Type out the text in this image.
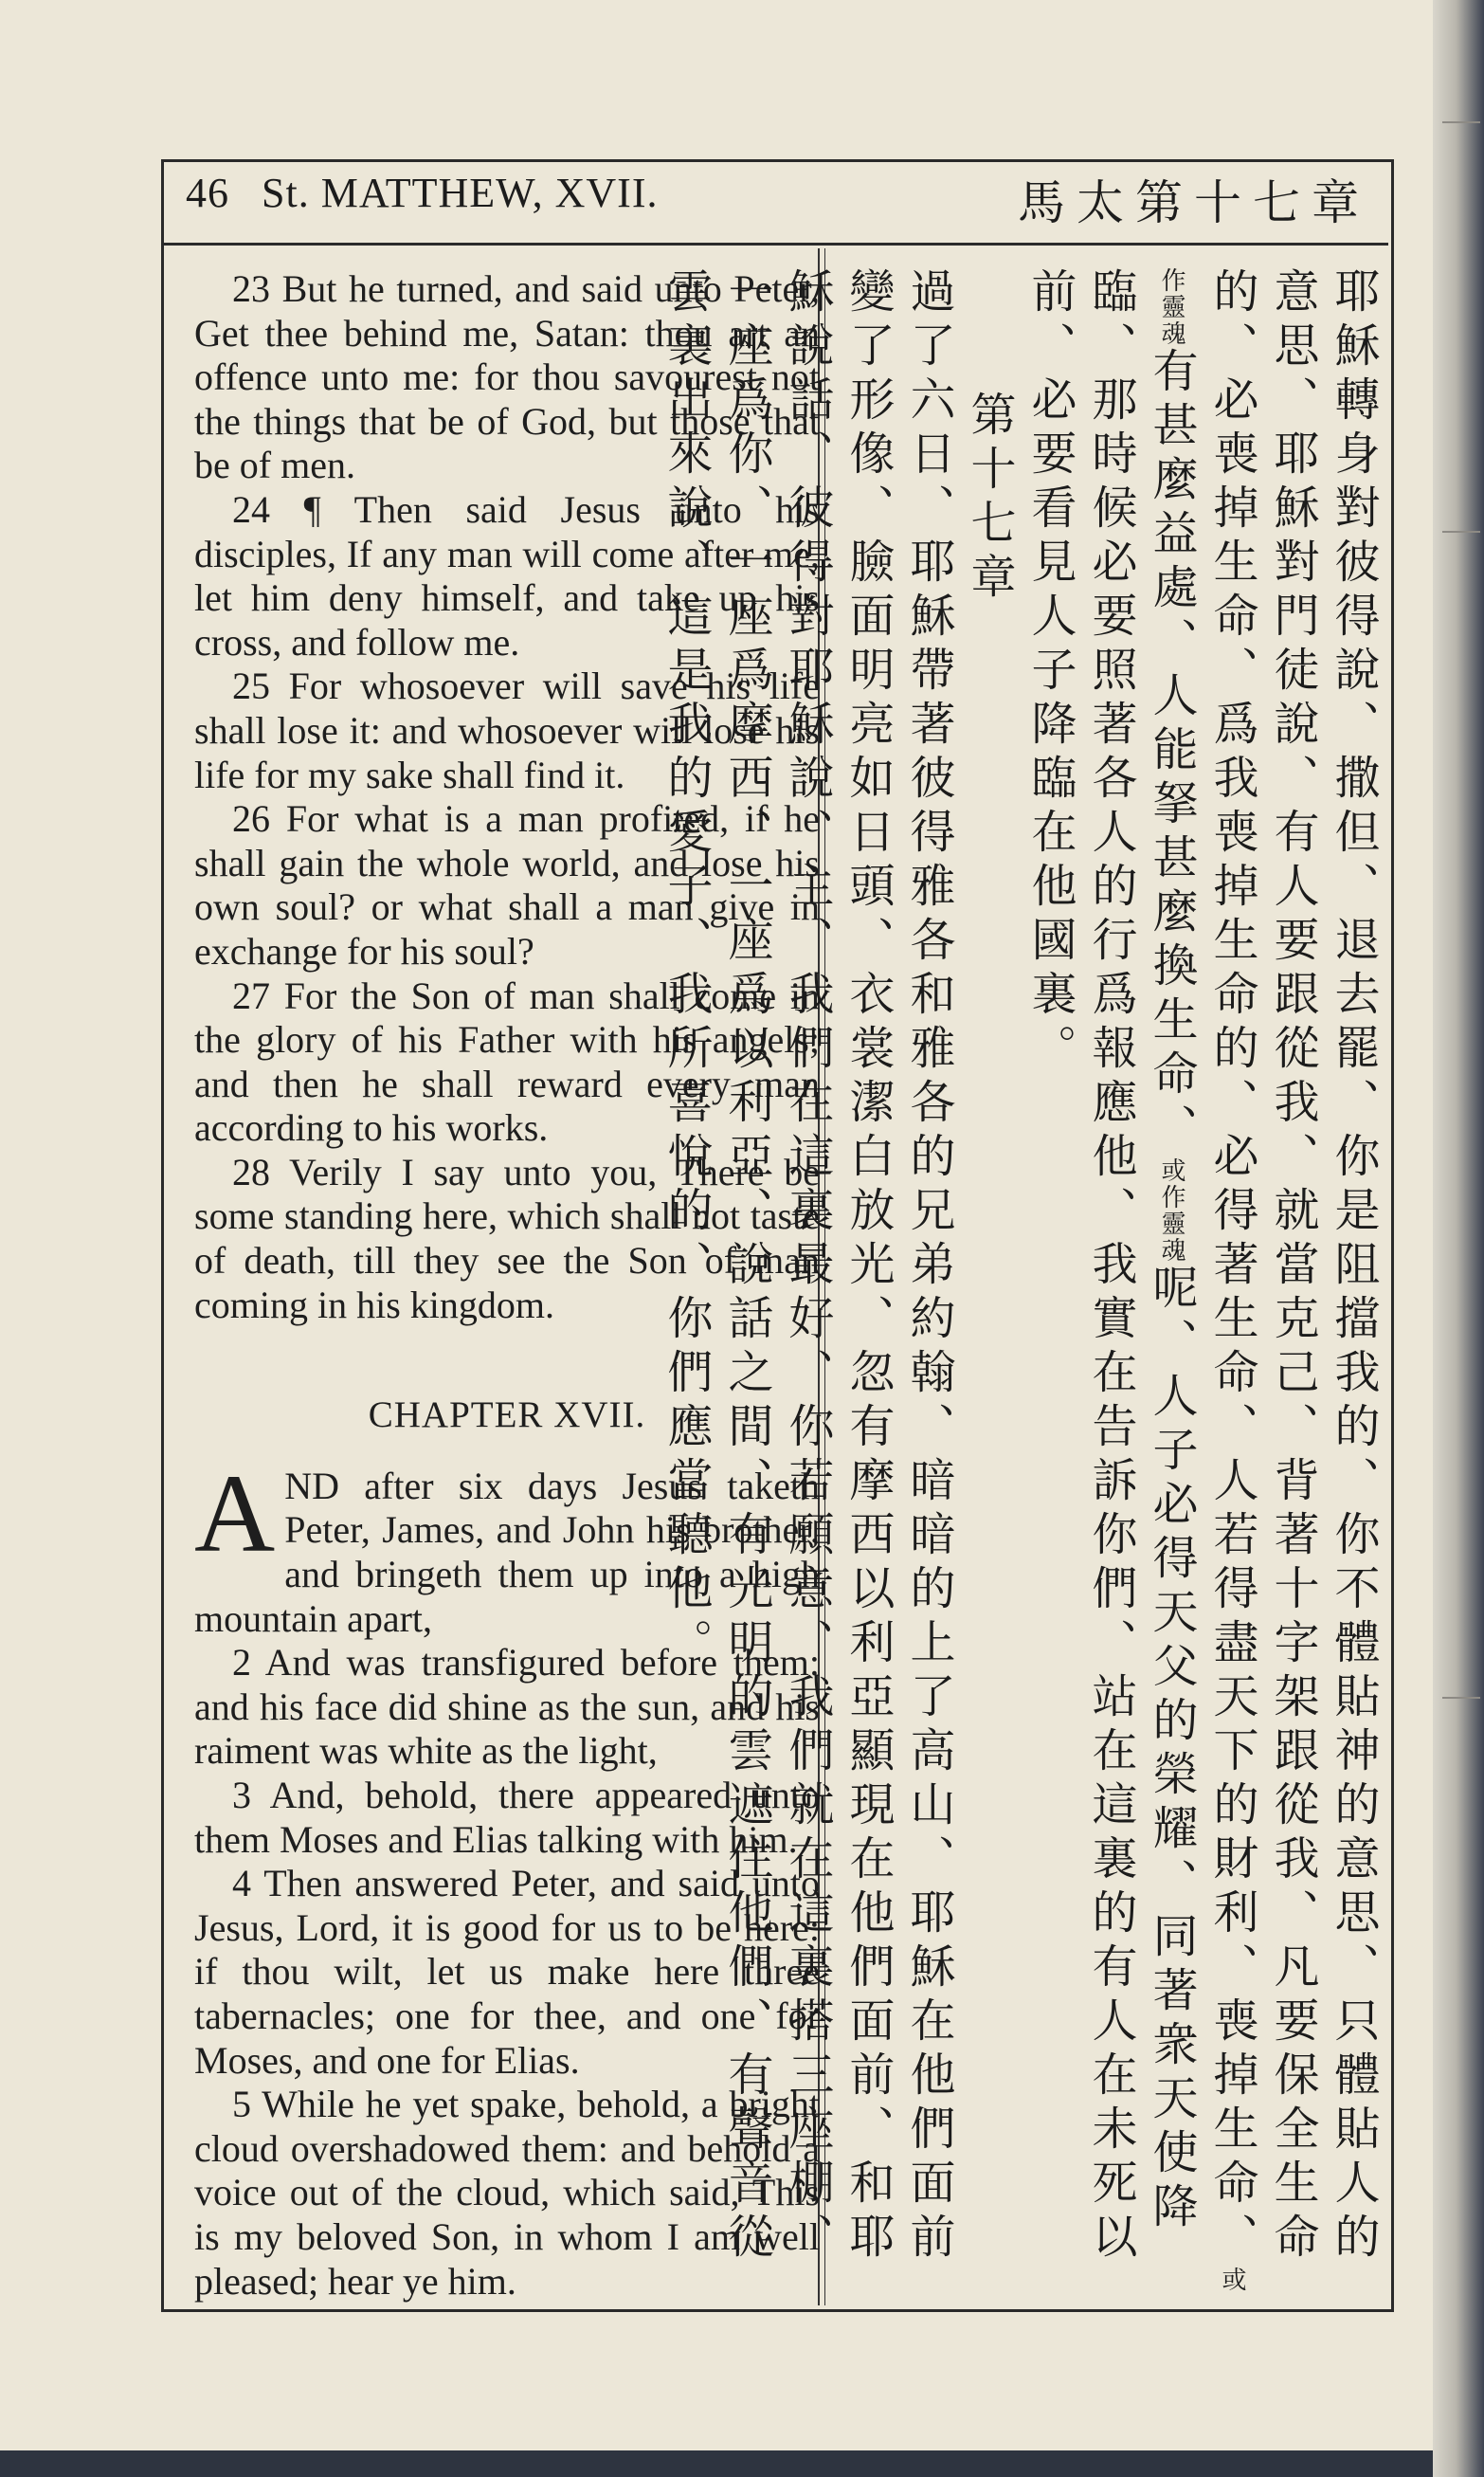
46 St. MATTHEW, XVII.	馬太第十七章

23 But he turned, and said unto Peter, Get thee behind me, Satan: thou art an offence unto me: for thou savourest not the things that be of God, but those that be of men.

24 ¶ Then said Jesus unto his disciples, If any man will come after me, let him deny himself, and take up his cross, and follow me.

25 For whosoever will save his life shall lose it: and whosoever will lose his life for my sake shall find it.

26 For what is a man profited, if he shall gain the whole world, and lose his own soul? or what shall a man give in exchange for his soul?

27 For the Son of man shall come in the glory of his Father with his angels; and then he shall reward every man according to his works.

28 Verily I say unto you, There be some standing here, which shall not taste of death, till they see the Son of man coming in his kingdom.

CHAPTER XVII.

AND after six days Jesus taketh Peter, James, and John his brother, and bringeth them up into a high mountain apart,

2 And was transfigured before them: and his face did shine as the sun, and his raiment was white as the light,

3 And, behold, there appeared unto them Moses and Elias talking with him.

4 Then answered Peter, and said unto Jesus, Lord, it is good for us to be here: if thou wilt, let us make here three tabernacles; one for thee, and one for Moses, and one for Elias.

5 While he yet spake, behold, a bright cloud overshadowed them: and behold a voice out of the cloud, which said, This is my beloved Son, in whom I am well pleased; hear ye him.

耶穌轉身對彼得說、撒但、退去罷、你是阻擋我的、你不體貼神的意思、只體貼人的意思、耶穌對門徒說、有人要跟從我、就當克己、背著十字架跟從我、凡要保全生命的、必喪掉生命、爲我喪掉生命的、必得著生命、人若得盡天下的財利、喪掉生命、或作靈魂有甚麼益處、人能拏甚麼換生命、或作靈魂呢、人子必得天父的榮耀、同著衆天使降臨、那時候必要照著各人的行爲報應他、我實在告訴你們、站在這裏的有人在未死以前、必要看見人子降臨在他國裏。

第十七章

過了六日、耶穌帶著彼得雅各和雅各的兄弟約翰、暗暗的上了高山、耶穌在他們面前變了形像、臉面明亮如日頭、衣裳潔白放光、忽有摩西以利亞顯現在他們面前、和耶穌說話、彼得對耶穌說、主、我們在這裏最好、你若願意、我們就在這裏搭三座棚、一座爲你、一座爲摩西、一座爲以利亞、說話之間、有光明的雲遮住他們、有聲音從雲裏出來說、這是我的愛子、我所喜悅的、你們應當聽他。
